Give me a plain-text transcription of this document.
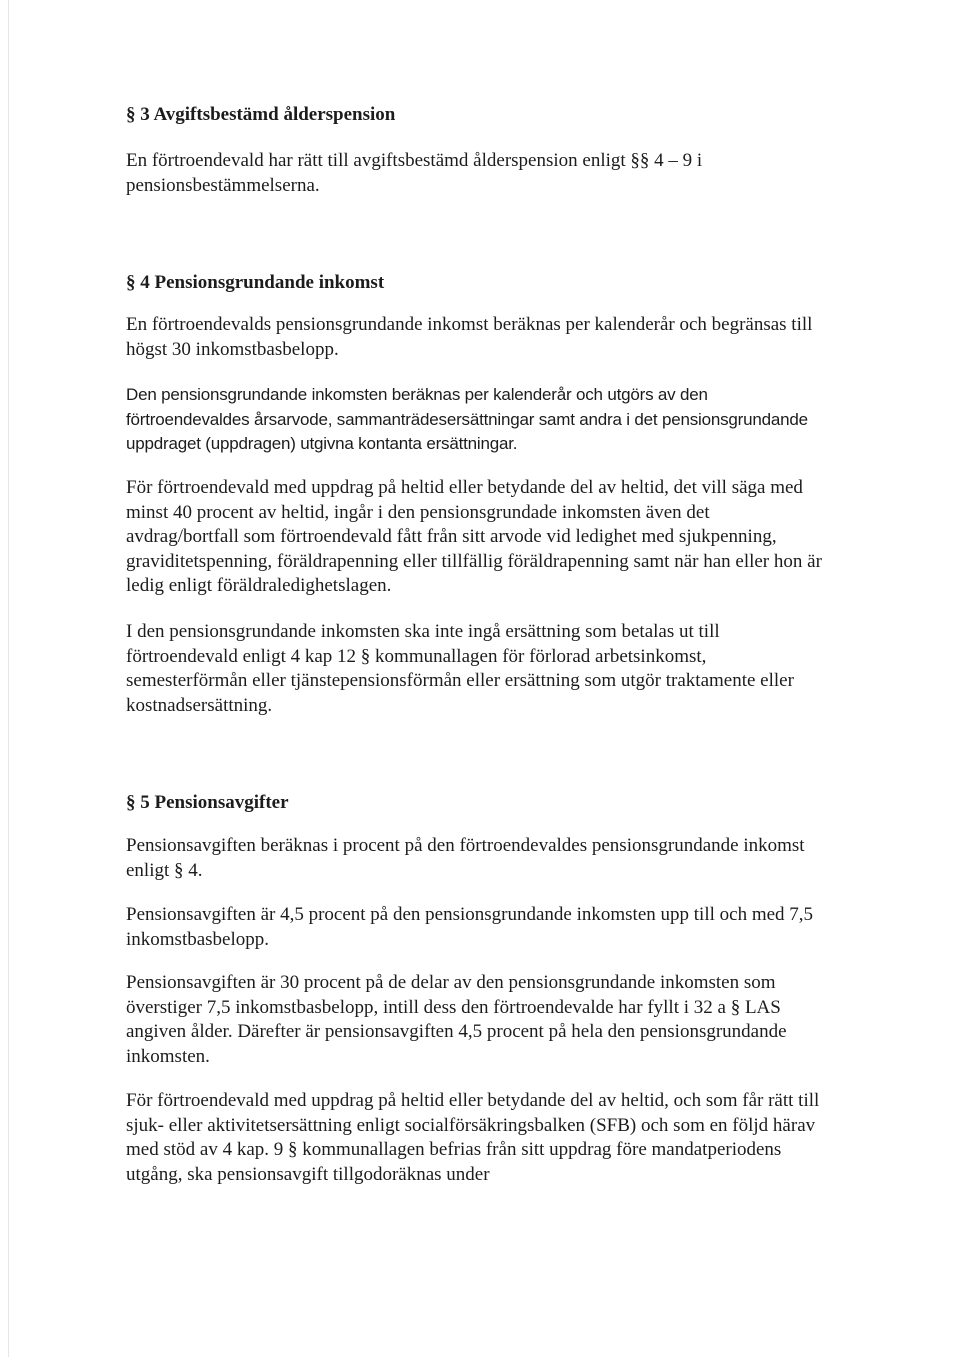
§ 3 Avgiftsbestämd ålderspension

En förtroendevald har rätt till avgiftsbestämd ålderspension enligt §§ 4 – 9 i pensionsbestämmelserna.

§ 4 Pensionsgrundande inkomst

En förtroendevalds pensionsgrundande inkomst beräknas per kalenderår och begränsas till högst 30 inkomstbasbelopp.

Den pensionsgrundande inkomsten beräknas per kalenderår och utgörs av den förtroendevaldes årsarvode, sammanträdesersättningar samt andra i det pensionsgrundande uppdraget (uppdragen) utgivna kontanta ersättningar.

För förtroendevald med uppdrag på heltid eller betydande del av heltid, det vill säga med minst 40 procent av heltid, ingår i den pensionsgrundade inkomsten även det avdrag/bortfall som förtroendevald fått från sitt arvode vid ledighet med sjukpenning, graviditetspenning, föräldrapenning eller tillfällig föräldrapenning samt när han eller hon är ledig enligt föräldraledighetslagen.

I den pensionsgrundande inkomsten ska inte ingå ersättning som betalas ut till förtroendevald enligt 4 kap 12 § kommunallagen för förlorad arbetsinkomst, semesterförmån eller tjänstepensionsförmån eller ersättning som utgör traktamente eller kostnadsersättning.

§ 5 Pensionsavgifter

Pensionsavgiften beräknas i procent på den förtroendevaldes pensionsgrundande inkomst enligt § 4.

Pensionsavgiften är 4,5 procent på den pensionsgrundande inkomsten upp till och med 7,5 inkomstbasbelopp.

Pensionsavgiften är 30 procent på de delar av den pensionsgrundande inkomsten som överstiger 7,5 inkomstbasbelopp, intill dess den förtroendevalde har fyllt i 32 a § LAS angiven ålder. Därefter är pensionsavgiften 4,5 procent på hela den pensionsgrundande inkomsten.

För förtroendevald med uppdrag på heltid eller betydande del av heltid, och som får rätt till sjuk- eller aktivitetsersättning enligt socialförsäkringsbalken (SFB) och som en följd härav med stöd av 4 kap. 9 § kommunallagen befrias från sitt uppdrag före mandatperiodens utgång, ska pensionsavgift tillgodoräknas under
